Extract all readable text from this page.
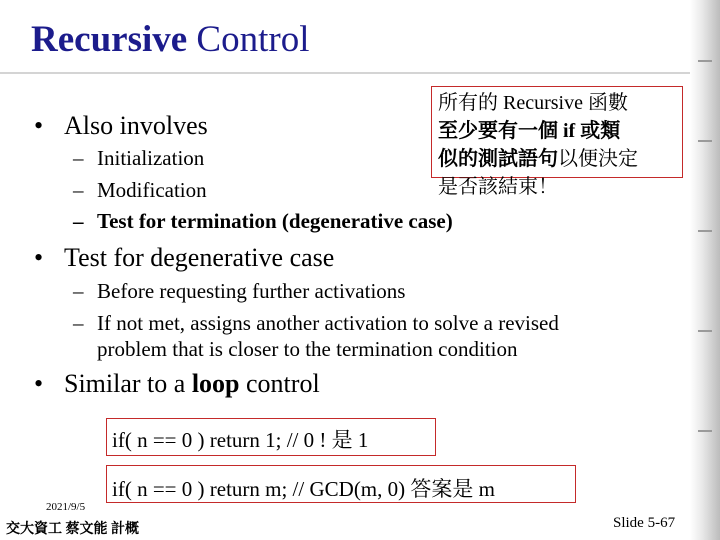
Recursive Control
• Also involves
– Initialization
– Modification
– Test for termination (degenerative case)
所有的 Recursive 函數
至少要有一個 if 或類
似的測試語句以便決定
是否該結束！
• Test for degenerative case
– Before requesting further activations
– If not met, assigns another activation to solve a revised
problem that is closer to the termination condition
• Similar to a loop control
if( n == 0 ) return 1; // 0 ! 是 1
if( n == 0 ) return m; // GCD(m, 0) 答案是 m
2021/9/5
交大資工 蔡文能 計概	Slide 5-67
